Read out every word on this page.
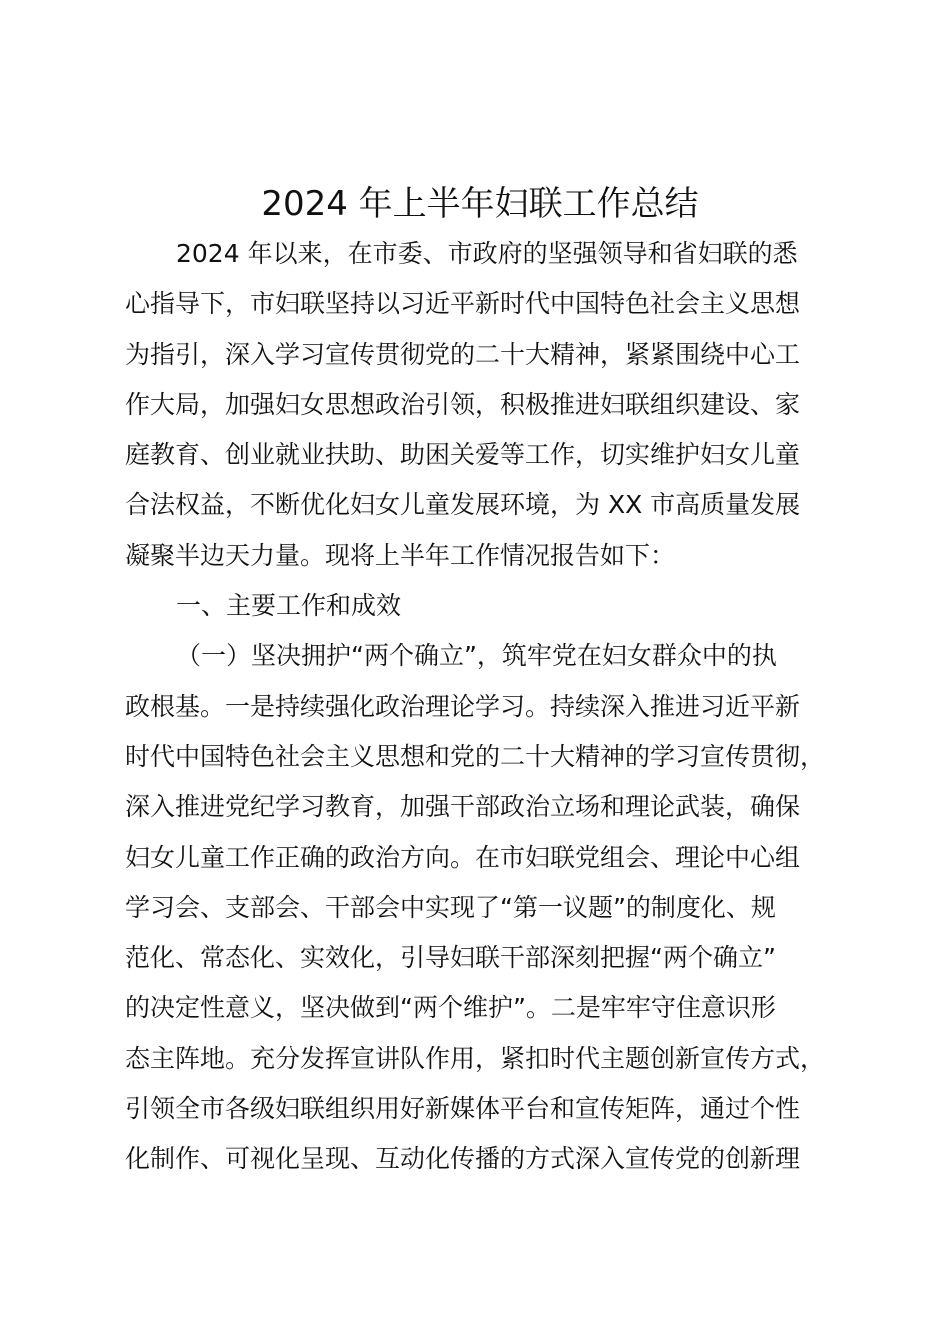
2024 年上半年妇联工作总结
2024 年以来，在市委、市政府的坚强领导和省妇联的悉
心指导下，市妇联坚持以习近平新时代中国特色社会主义思想
为指引，深入学习宣传贯彻党的二十大精神，紧紧围绕中心工
作大局，加强妇女思想政治引领，积极推进妇联组织建设、家
庭教育、创业就业扶助、助困关爱等工作，切实维护妇女儿童
合法权益，不断优化妇女儿童发展环境，为 XX 市高质量发展
凝聚半边天力量。现将上半年工作情况报告如下：
一、主要工作和成效
（一）坚决拥护“两个确立”，筑牢党在妇女群众中的执
政根基。一是持续强化政治理论学习。持续深入推进习近平新
时代中国特色社会主义思想和党的二十大精神的学习宣传贯彻，
深入推进党纪学习教育，加强干部政治立场和理论武装，确保
妇女儿童工作正确的政治方向。在市妇联党组会、理论中心组
学习会、支部会、干部会中实现了“第一议题”的制度化、规
范化、常态化、实效化，引导妇联干部深刻把握“两个确立”
的决定性意义，坚决做到“两个维护”。二是牢牢守住意识形
态主阵地。充分发挥宣讲队作用，紧扣时代主题创新宣传方式，
引领全市各级妇联组织用好新媒体平台和宣传矩阵，通过个性
化制作、可视化呈现、互动化传播的方式深入宣传党的创新理
